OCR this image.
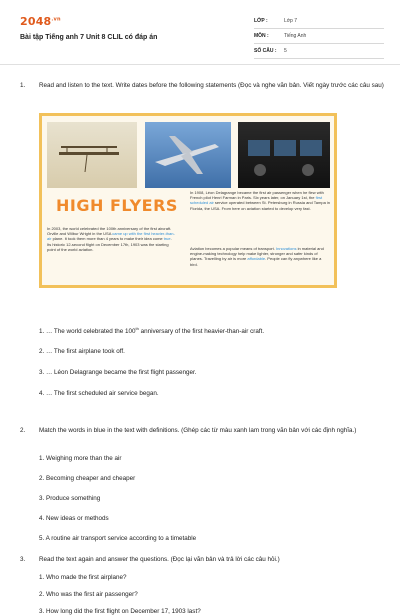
$2048^{.vn}$
Bài tập Tiếng anh 7 Unit 8 CLIL có đáp án
LỚP :	Lớp 7
MÔN :	Tiếng Anh
SỐ CÂU :	5
1. Read and listen to the text. Write dates before the following statements (Đọc và nghe văn bản. Viết ngày trước các câu sau)
HIGH FLYERS
In 2003, the world celebrated the 100th anniversary of the first aircraft. Orville and Wilbur Wright in the USA came up with the first heavier-than-air plane. It took them more than 4 years to make their idea come true. Its historic 12-second flight on December 17th, 1903 was the starting point of the world aviation.
In 1908, Léon Delagrange became the first air passenger when he flew with French pilot Henri Farman in Paris. Six years later, on January 1st, the first scheduled air service operated between St. Petersburg in Russia and Tampa in Florida, the USA. From here on aviation started to develop very fast.
Aviation becomes a popular means of transport. Innovations in material and engine-making technology help make lighter, stronger and safer kinds of planes. Travelling by air is more affordable. People can fly anywhere like a bird.
1. … The world celebrated the 100th anniversary of the first heavier-than-air craft.
2. … The first airplane took off.
3. … Léon Delagrange became the first flight passenger.
4. … The first scheduled air service began.
2. Match the words in blue in the text with definitions. (Ghép các từ màu xanh lam trong văn bản với các định nghĩa.)
1. Weighing more than the air
2. Becoming cheaper and cheaper
3. Produce something
4. New ideas or methods
5. A routine air transport service according to a timetable
3. Read the text again and answer the questions. (Đọc lại văn bản và trả lời các câu hỏi.)
1. Who made the first airplane?
2. Who was the first air passenger?
3. How long did the first flight on December 17, 1903 last?
